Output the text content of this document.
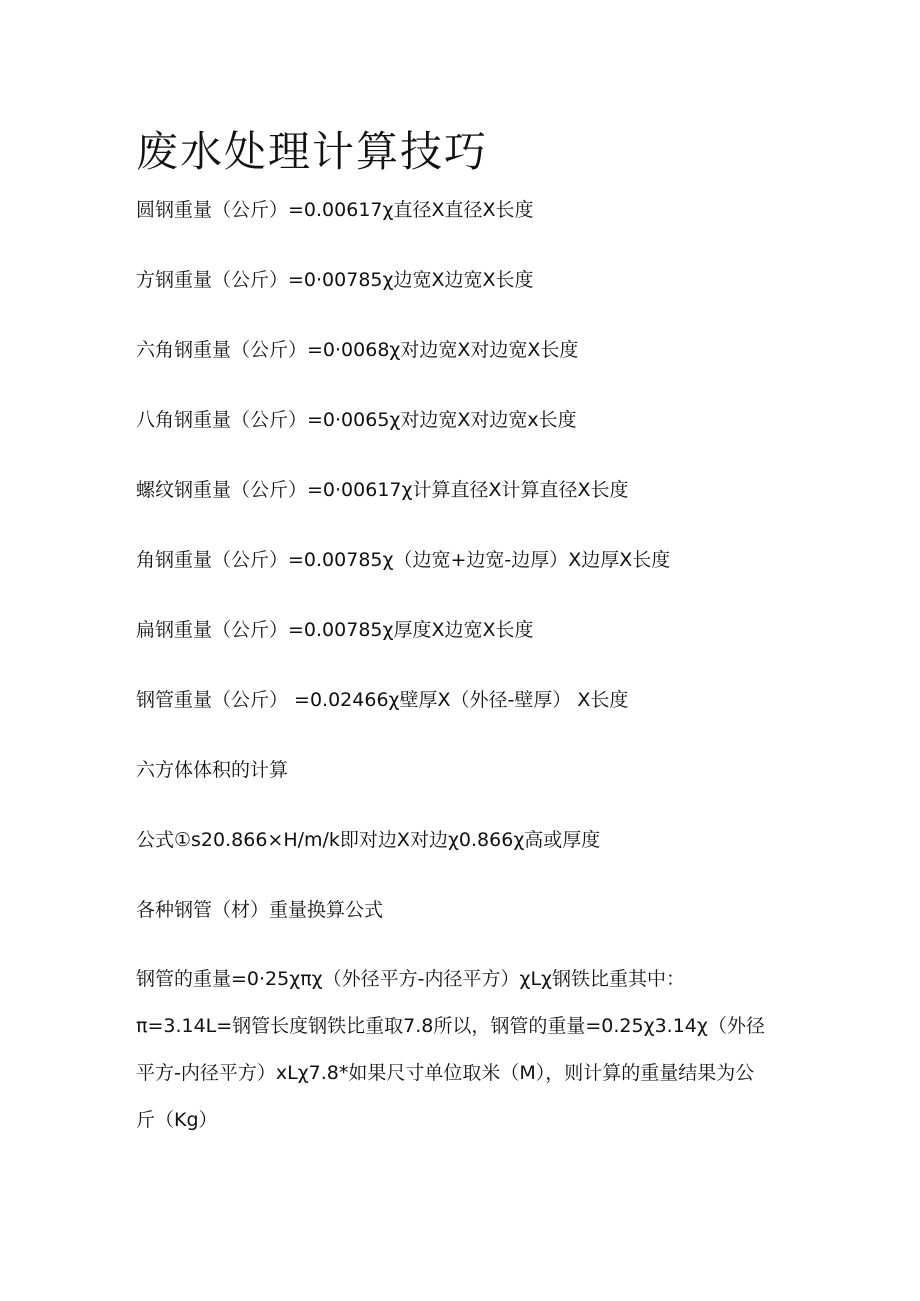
废水处理计算技巧

圆钢重量（公斤）=0.00617χ直径X直径X长度

方钢重量（公斤）=0·00785χ边宽X边宽X长度

六角钢重量（公斤）=0·0068χ对边宽X对边宽X长度

八角钢重量（公斤）=0·0065χ对边宽X对边宽x长度

螺纹钢重量（公斤）=0·00617χ计算直径X计算直径X长度

角钢重量（公斤）=0.00785χ（边宽+边宽-边厚）X边厚X长度

扁钢重量（公斤）=0.00785χ厚度X边宽X长度

钢管重量（公斤） =0.02466χ壁厚X（外径-壁厚） X长度

六方体体积的计算

公式①s20.866×H∕m∕k即对边X对边χ0.866χ高或厚度

各种钢管（材）重量换算公式

钢管的重量=0·25χπχ（外径平方-内径平方）χLχ钢铁比重其中：
π=3.14L=钢管长度钢铁比重取7.8所以，钢管的重量=0.25χ3.14χ（外径
平方-内径平方）xLχ7.8*如果尺寸单位取米（M），则计算的重量结果为公
斤（Kg）
